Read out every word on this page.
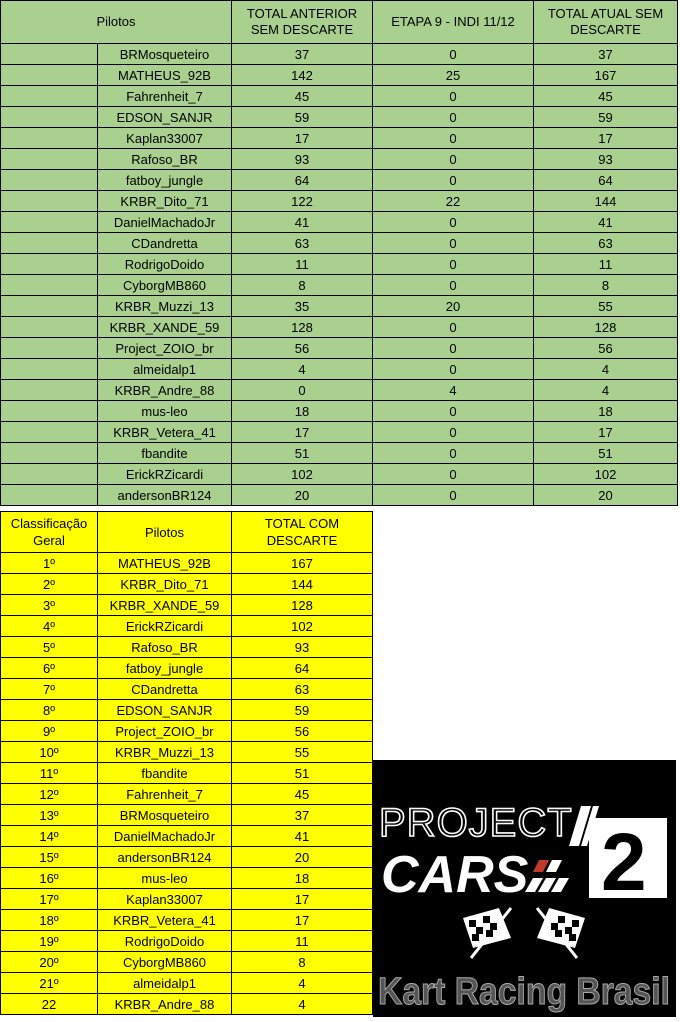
Pilotos		TOTAL ANTERIOR SEM DESCARTE	ETAPA 9 - INDI 11/12	TOTAL ATUAL SEM DESCARTE
	BRMosqueteiro	37	0	37
	MATHEUS_92B	142	25	167
	Fahrenheit_7	45	0	45
	EDSON_SANJR	59	0	59
	Kaplan33007	17	0	17
	Rafoso_BR	93	0	93
	fatboy_jungle	64	0	64
	KRBR_Dito_71	122	22	144
	DanielMachadoJr	41	0	41
	CDandretta	63	0	63
	RodrigoDoido	11	0	11
	CyborgMB860	8	0	8
	KRBR_Muzzi_13	35	20	55
	KRBR_XANDE_59	128	0	128
	Project_ZOIO_br	56	0	56
	almeidalp1	4	0	4
	KRBR_Andre_88	0	4	4
	mus-leo	18	0	18
	KRBR_Vetera_41	17	0	17
	fbandite	51	0	51
	ErickRZicardi	102	0	102
	andersonBR124	20	0	20
Classificação Geral	Pilotos	TOTAL COM DESCARTE
1º	MATHEUS_92B	167
2º	KRBR_Dito_71	144
3º	KRBR_XANDE_59	128
4º	ErickRZicardi	102
5º	Rafoso_BR	93
6º	fatboy_jungle	64
7º	CDandretta	63
8º	EDSON_SANJR	59
9º	Project_ZOIO_br	56
10º	KRBR_Muzzi_13	55
11º	fbandite	51
12º	Fahrenheit_7	45
13º	BRMosqueteiro	37
14º	DanielMachadoJr	41
15º	andersonBR124	20
16º	mus-leo	18
17º	Kaplan33007	17
18º	KRBR_Vetera_41	17
19º	RodrigoDoido	11
20º	CyborgMB860	8
21º	almeidalp1	4
22	KRBR_Andre_88	4
PROJECT
CARS 2
Kart Racing Brasil
